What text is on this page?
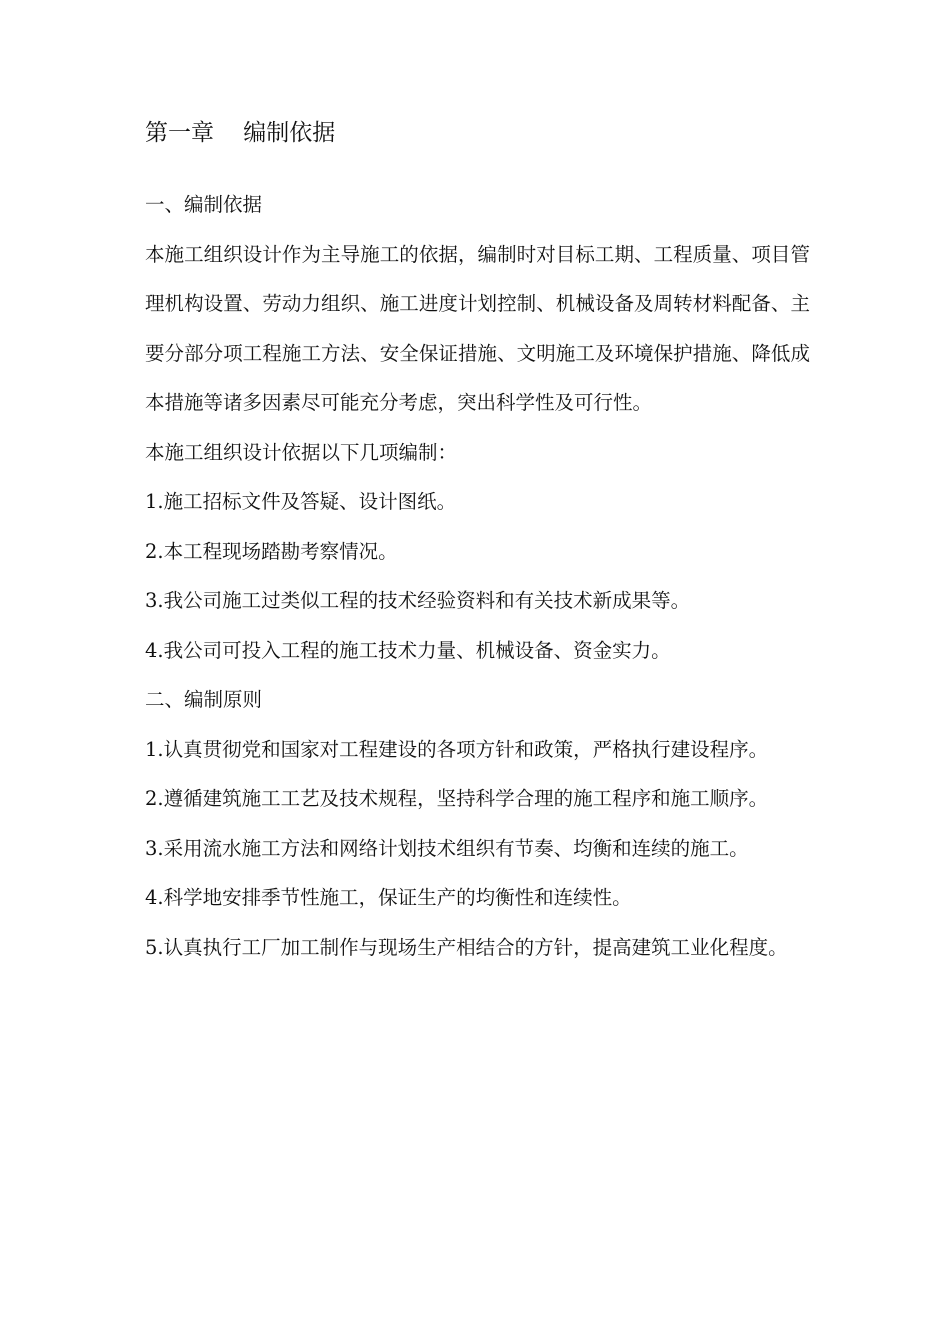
第一章    编制依据

一、编制依据

本施工组织设计作为主导施工的依据，编制时对目标工期、工程质量、项目管理机构设置、劳动力组织、施工进度计划控制、机械设备及周转材料配备、主要分部分项工程施工方法、安全保证措施、文明施工及环境保护措施、降低成本措施等诸多因素尽可能充分考虑，突出科学性及可行性。

本施工组织设计依据以下几项编制：

1.施工招标文件及答疑、设计图纸。

2.本工程现场踏勘考察情况。

3.我公司施工过类似工程的技术经验资料和有关技术新成果等。

4.我公司可投入工程的施工技术力量、机械设备、资金实力。

二、编制原则

1.认真贯彻党和国家对工程建设的各项方针和政策，严格执行建设程序。

2.遵循建筑施工工艺及技术规程，坚持科学合理的施工程序和施工顺序。

3.采用流水施工方法和网络计划技术组织有节奏、均衡和连续的施工。

4.科学地安排季节性施工，保证生产的均衡性和连续性。

5.认真执行工厂加工制作与现场生产相结合的方针，提高建筑工业化程度。
